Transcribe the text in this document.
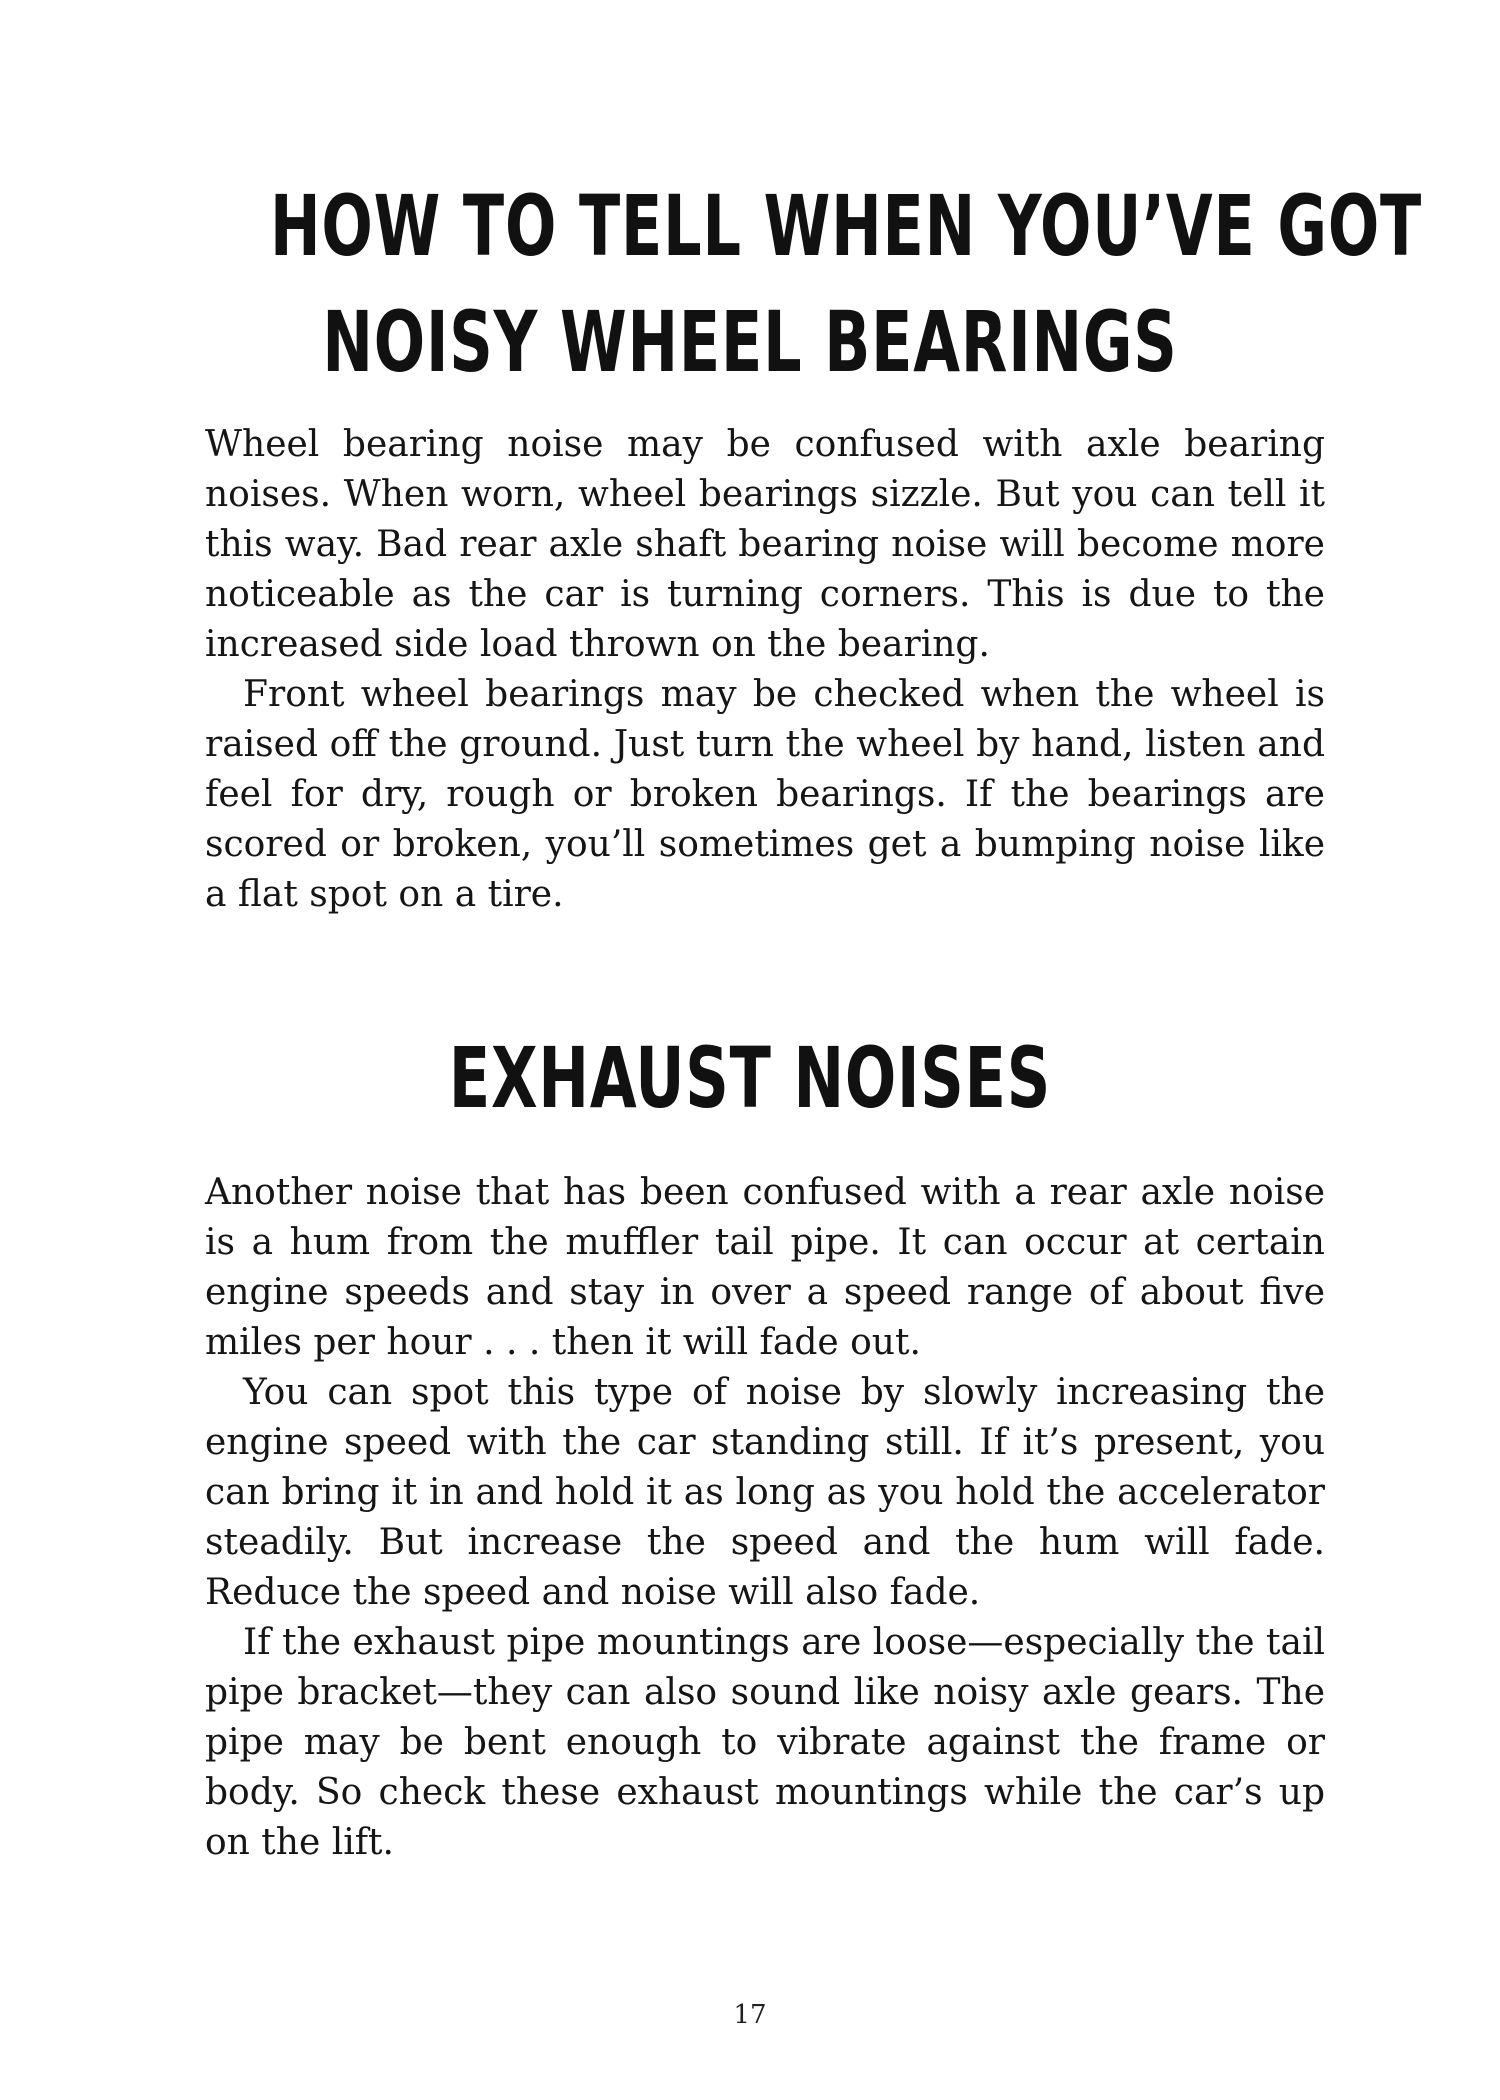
HOW TO TELL WHEN YOU’VE GOT
NOISY WHEEL BEARINGS

Wheel bearing noise may be confused with axle bearing noises. When worn, wheel bearings sizzle. But you can tell it this way. Bad rear axle shaft bearing noise will become more noticeable as the car is turning corners. This is due to the increased side load thrown on the bearing.

Front wheel bearings may be checked when the wheel is raised off the ground. Just turn the wheel by hand, listen and feel for dry, rough or broken bearings. If the bearings are scored or broken, you’ll sometimes get a bumping noise like a flat spot on a tire.

EXHAUST NOISES

Another noise that has been confused with a rear axle noise is a hum from the muffler tail pipe. It can occur at certain engine speeds and stay in over a speed range of about five miles per hour . . . then it will fade out.

You can spot this type of noise by slowly increasing the engine speed with the car standing still. If it’s present, you can bring it in and hold it as long as you hold the accelerator steadily. But increase the speed and the hum will fade. Reduce the speed and noise will also fade.

If the exhaust pipe mountings are loose—especially the tail pipe bracket—they can also sound like noisy axle gears. The pipe may be bent enough to vibrate against the frame or body. So check these exhaust mountings while the car’s up on the lift.

17
